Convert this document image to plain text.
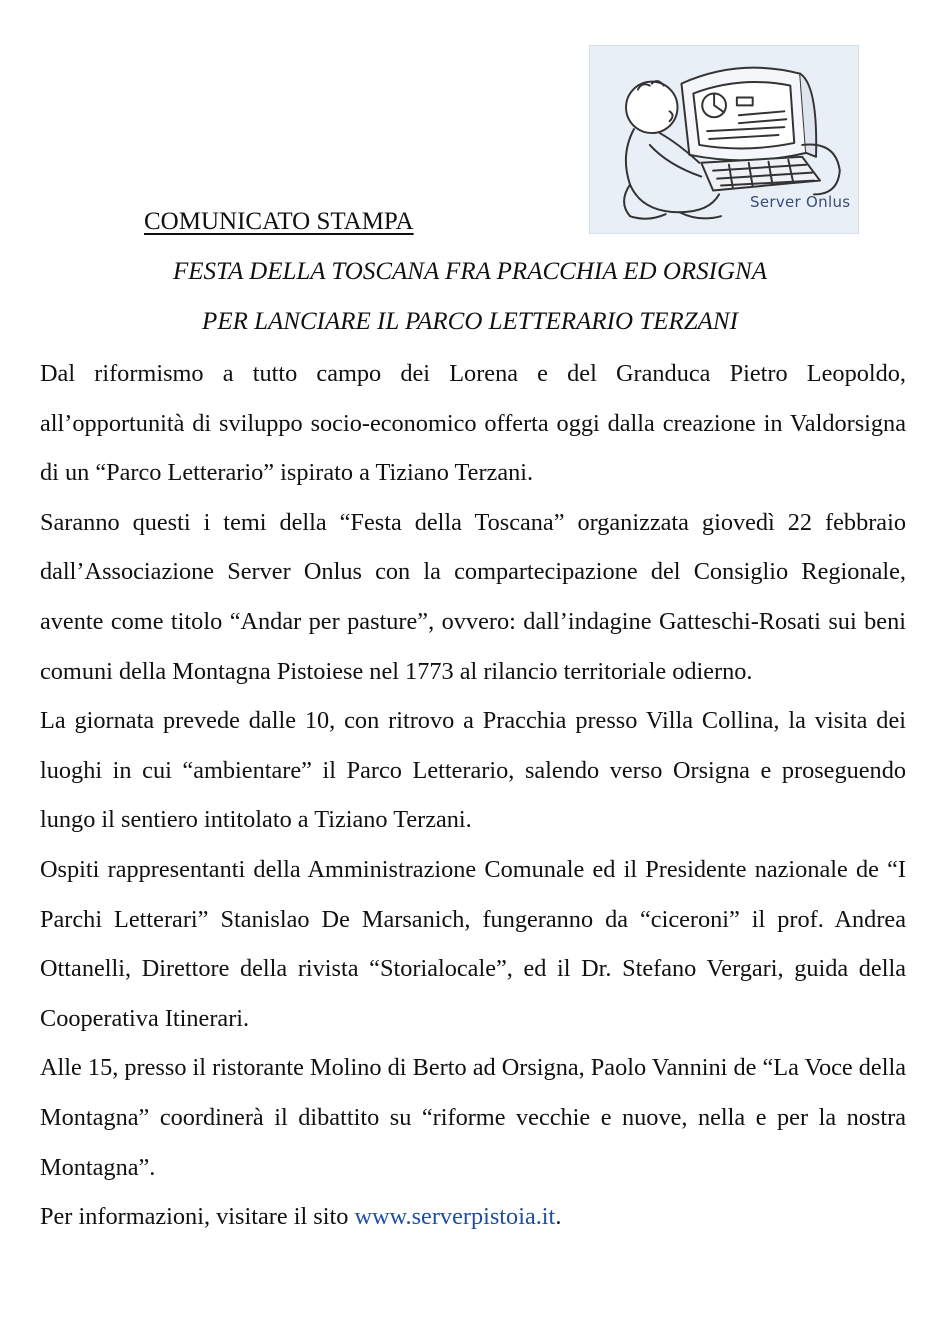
Server Onlus
COMUNICATO STAMPA
FESTA DELLA TOSCANA FRA PRACCHIA ED ORSIGNA
PER LANCIARE IL PARCO LETTERARIO TERZANI

Dal riformismo a tutto campo dei Lorena e del Granduca Pietro Leopoldo, all’opportunità di sviluppo socio-economico offerta oggi dalla creazione in Valdorsigna di un “Parco Letterario” ispirato a Tiziano Terzani.

Saranno questi i temi della “Festa della Toscana” organizzata giovedì 22 febbraio dall’Associazione Server Onlus con la compartecipazione del Consiglio Regionale, avente come titolo “Andar per pasture”, ovvero: dall’indagine Gatteschi-Rosati sui beni comuni della Montagna Pistoiese nel 1773 al rilancio territoriale odierno.

La giornata prevede dalle 10, con ritrovo a Pracchia presso Villa Collina, la visita dei luoghi in cui “ambientare” il Parco Letterario, salendo verso Orsigna e proseguendo lungo il sentiero intitolato a Tiziano Terzani.

Ospiti rappresentanti della Amministrazione Comunale ed il Presidente nazionale de “I Parchi Letterari” Stanislao De Marsanich, fungeranno da “ciceroni” il prof. Andrea Ottanelli, Direttore della rivista “Storialocale”, ed il Dr. Stefano Vergari, guida della Cooperativa Itinerari.

Alle 15, presso il ristorante Molino di Berto ad Orsigna, Paolo Vannini de “La Voce della Montagna” coordinerà il dibattito su “riforme vecchie e nuove, nella e per la nostra Montagna”.

Per informazioni, visitare il sito www.serverpistoia.it.
